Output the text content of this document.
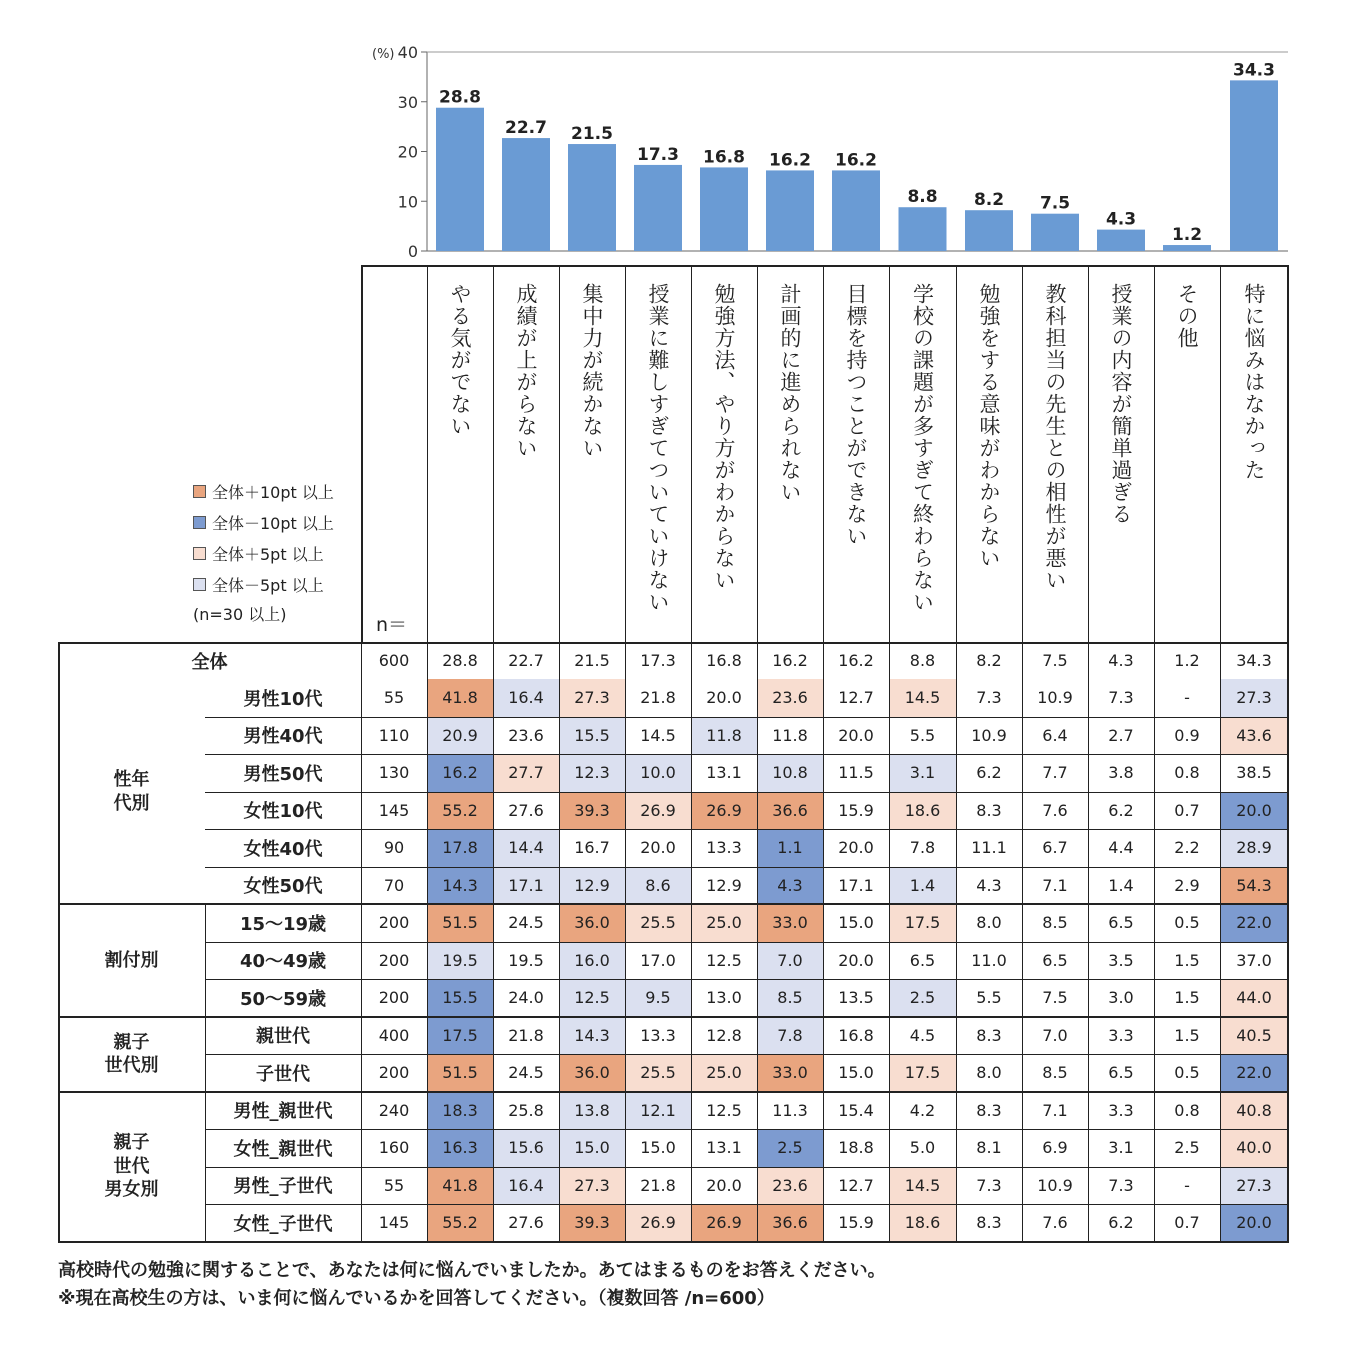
0
10
20
30
40
(%)
28.8
22.7 21.5
17.3 16.8 16.2 16.2
8.8 8.2 7.5
4.3
1.2
34.3
やる気がでない 成績が上がらない 集中力が続かない 授業に難しすぎてついていけない 勉強方法、やり方がわからない 計画的に進められない 目標を持つことができない 学校の課題が多すぎて終わらない 勉強をする意味がわからない 教科担当の先生との相性が悪い 授業の内容が簡単過ぎる その他 特に悩みはなかった
全体＋10pt 以上
全体－10pt 以上
全体＋5pt 以上
全体－5pt 以上
(n=30 以上)	n＝
全体	600	28.8	22.7	21.5	17.3	16.8	16.2	16.2	8.8	8.2	7.5	4.3	1.2	34.3
男性10代	55	41.8	16.4	27.3	21.8	20.0	23.6	12.7	14.5	7.3	10.9	7.3	-	27.3
男性40代	110	20.9	23.6	15.5	14.5	11.8	11.8	20.0	5.5	10.9	6.4	2.7	0.9	43.6
男性50代	130	16.2	27.7	12.3	10.0	13.1	10.8	11.5	3.1	6.2	7.7	3.8	0.8	38.5
女性10代	145	55.2	27.6	39.3	26.9	26.9	36.6	15.9	18.6	8.3	7.6	6.2	0.7	20.0
女性40代	90	17.8	14.4	16.7	20.0	13.3	1.1	20.0	7.8	11.1	6.7	4.4	2.2	28.9
女性50代	70	14.3	17.1	12.9	8.6	12.9	4.3	17.1	1.4	4.3	7.1	1.4	2.9	54.3
性年
代別
15〜19歳	200	51.5	24.5	36.0	25.5	25.0	33.0	15.0	17.5	8.0	8.5	6.5	0.5	22.0
40〜49歳	200	19.5	19.5	16.0	17.0	12.5	7.0	20.0	6.5	11.0	6.5	3.5	1.5	37.0
50〜59歳	200	15.5	24.0	12.5	9.5	13.0	8.5	13.5	2.5	5.5	7.5	3.0	1.5	44.0
割付別
親世代	400	17.5	21.8	14.3	13.3	12.8	7.8	16.8	4.5	8.3	7.0	3.3	1.5	40.5
子世代	200	51.5	24.5	36.0	25.5	25.0	33.0	15.0	17.5	8.0	8.5	6.5	0.5	22.0
親子
世代別
男性_親世代	240	18.3	25.8	13.8	12.1	12.5	11.3	15.4	4.2	8.3	7.1	3.3	0.8	40.8
女性_親世代	160	16.3	15.6	15.0	15.0	13.1	2.5	18.8	5.0	8.1	6.9	3.1	2.5	40.0
男性_子世代	55	41.8	16.4	27.3	21.8	20.0	23.6	12.7	14.5	7.3	10.9	7.3	-	27.3
女性_子世代	145	55.2	27.6	39.3	26.9	26.9	36.6	15.9	18.6	8.3	7.6	6.2	0.7	20.0
親子
世代
男女別
高校時代の勉強に関することで、あなたは何に悩んでいましたか。あてはまるものをお答えください。
※現在高校生の方は、いま何に悩んでいるかを回答してください。（複数回答 /n=600）
